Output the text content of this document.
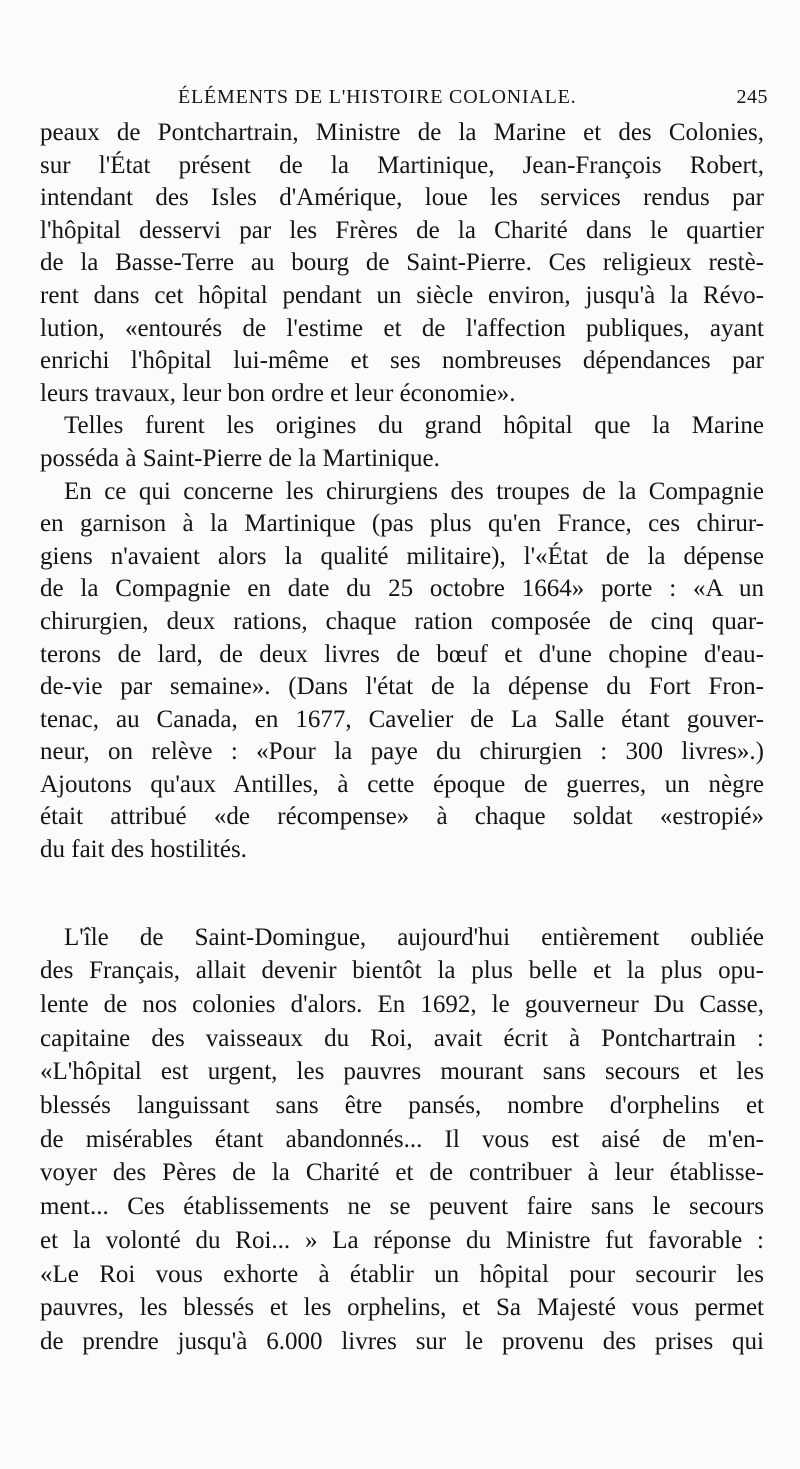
ÉLÉMENTS DE L'HISTOIRE COLONIALE.	245
peaux de Pontchartrain, Ministre de la Marine et des Colonies,
sur l'État présent de la Martinique, Jean-François Robert,
intendant des Isles d'Amérique, loue les services rendus par
l'hôpital desservi par les Frères de la Charité dans le quartier
de la Basse-Terre au bourg de Saint-Pierre. Ces religieux restè-
rent dans cet hôpital pendant un siècle environ, jusqu'à la Révo-
lution, «entourés de l'estime et de l'affection publiques, ayant
enrichi l'hôpital lui-même et ses nombreuses dépendances par
leurs travaux, leur bon ordre et leur économie».
Telles furent les origines du grand hôpital que la Marine
posséda à Saint-Pierre de la Martinique.
En ce qui concerne les chirurgiens des troupes de la Compagnie
en garnison à la Martinique (pas plus qu'en France, ces chirur-
giens n'avaient alors la qualité militaire), l'«État de la dépense
de la Compagnie en date du 25 octobre 1664» porte : «A un
chirurgien, deux rations, chaque ration composée de cinq quar-
terons de lard, de deux livres de bœuf et d'une chopine d'eau-
de-vie par semaine». (Dans l'état de la dépense du Fort Fron-
tenac, au Canada, en 1677, Cavelier de La Salle étant gouver-
neur, on relève : «Pour la paye du chirurgien : 300 livres».)
Ajoutons qu'aux Antilles, à cette époque de guerres, un nègre
était attribué «de récompense» à chaque soldat «estropié»
du fait des hostilités.
L'île de Saint-Domingue, aujourd'hui entièrement oubliée
des Français, allait devenir bientôt la plus belle et la plus opu-
lente de nos colonies d'alors. En 1692, le gouverneur Du Casse,
capitaine des vaisseaux du Roi, avait écrit à Pontchartrain :
«L'hôpital est urgent, les pauvres mourant sans secours et les
blessés languissant sans être pansés, nombre d'orphelins et
de misérables étant abandonnés... Il vous est aisé de m'en-
voyer des Pères de la Charité et de contribuer à leur établisse-
ment... Ces établissements ne se peuvent faire sans le secours
et la volonté du Roi... » La réponse du Ministre fut favorable :
«Le Roi vous exhorte à établir un hôpital pour secourir les
pauvres, les blessés et les orphelins, et Sa Majesté vous permet
de prendre jusqu'à 6.000 livres sur le provenu des prises qui
